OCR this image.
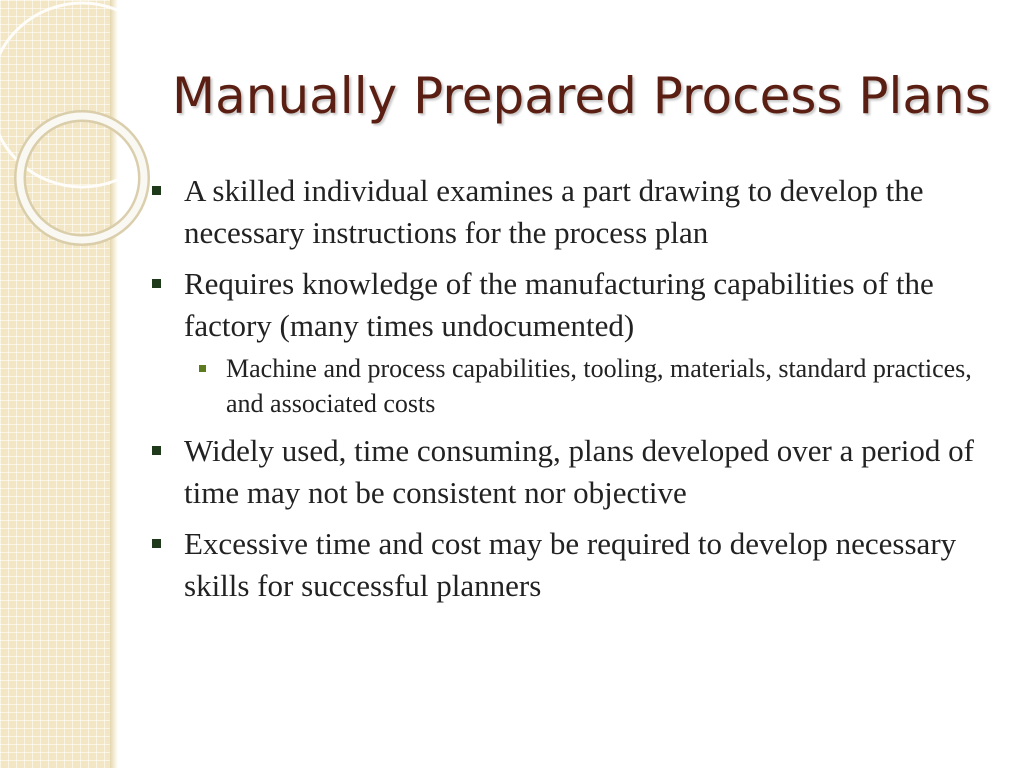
Manually Prepared Process Plans
A skilled individual examines a part drawing to develop the necessary instructions for the process plan
Requires knowledge of the manufacturing capabilities of the factory (many times undocumented)
Machine and process capabilities, tooling, materials, standard practices, and associated costs
Widely used, time consuming, plans developed over a period of time may not be consistent nor objective
Excessive time and cost may be required to develop necessary skills for successful planners
